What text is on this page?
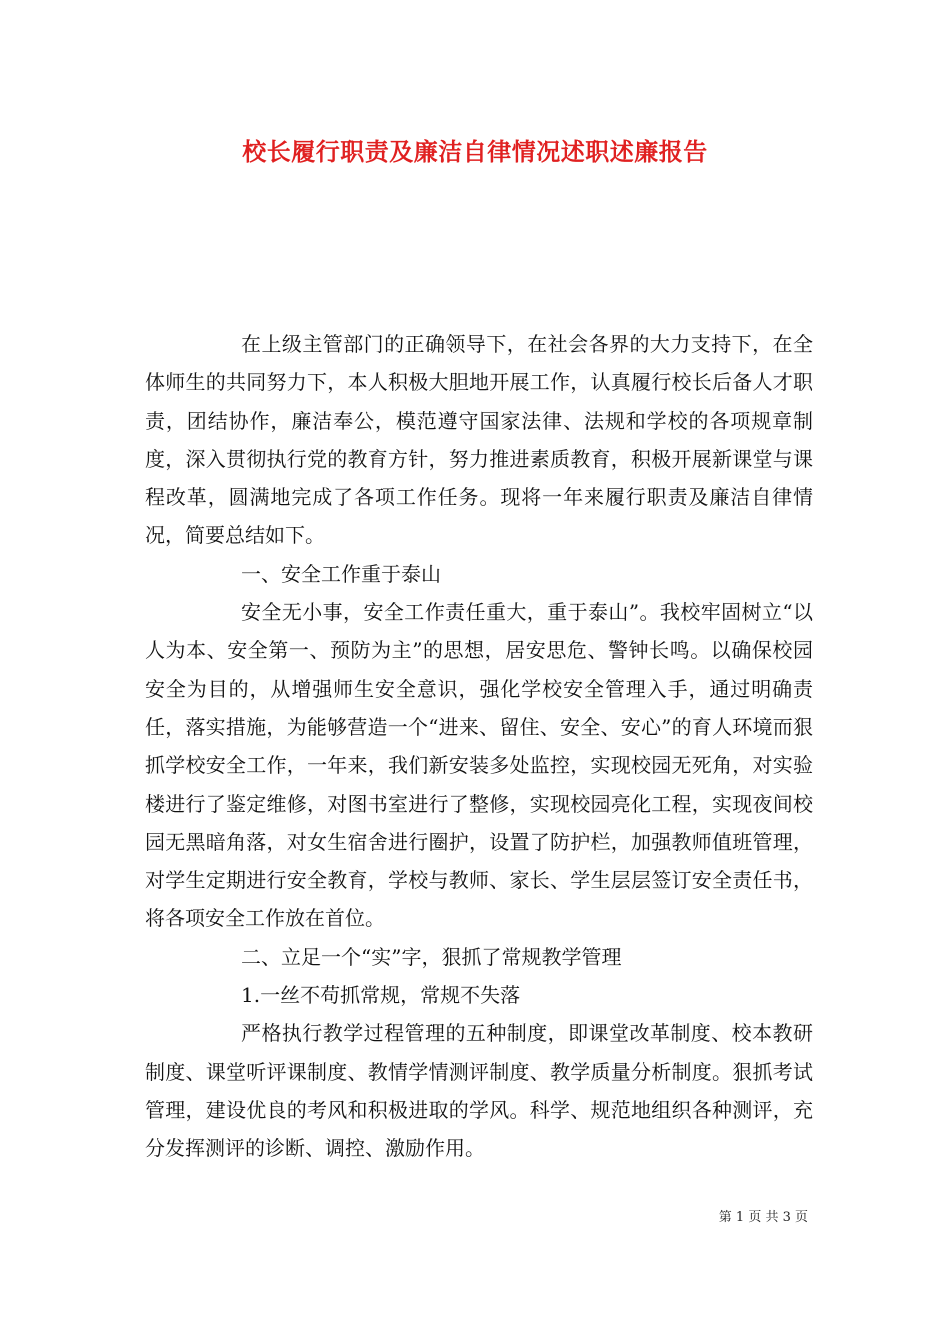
校长履行职责及廉洁自律情况述职述廉报告

在上级主管部门的正确领导下，在社会各界的大力支持下，在全体师生的共同努力下，本人积极大胆地开展工作，认真履行校长后备人才职责，团结协作，廉洁奉公，模范遵守国家法律、法规和学校的各项规章制度，深入贯彻执行党的教育方针，努力推进素质教育，积极开展新课堂与课程改革，圆满地完成了各项工作任务。现将一年来履行职责及廉洁自律情况，简要总结如下。

一、安全工作重于泰山

安全无小事，安全工作责任重大，重于泰山”。我校牢固树立“以人为本、安全第一、预防为主”的思想，居安思危、警钟长鸣。以确保校园安全为目的，从增强师生安全意识，强化学校安全管理入手，通过明确责任，落实措施，为能够营造一个“进来、留住、安全、安心”的育人环境而狠抓学校安全工作，一年来，我们新安装多处监控，实现校园无死角，对实验楼进行了鉴定维修，对图书室进行了整修，实现校园亮化工程，实现夜间校园无黑暗角落，对女生宿舍进行圈护，设置了防护栏，加强教师值班管理，对学生定期进行安全教育，学校与教师、家长、学生层层签订安全责任书，将各项安全工作放在首位。

二、立足一个“实”字，狠抓了常规教学管理

1.一丝不苟抓常规，常规不失落

严格执行教学过程管理的五种制度，即课堂改革制度、校本教研制度、课堂听评课制度、教情学情测评制度、教学质量分析制度。狠抓考试管理，建设优良的考风和积极进取的学风。科学、规范地组织各种测评，充分发挥测评的诊断、调控、激励作用。

第 1 页 共 3 页
